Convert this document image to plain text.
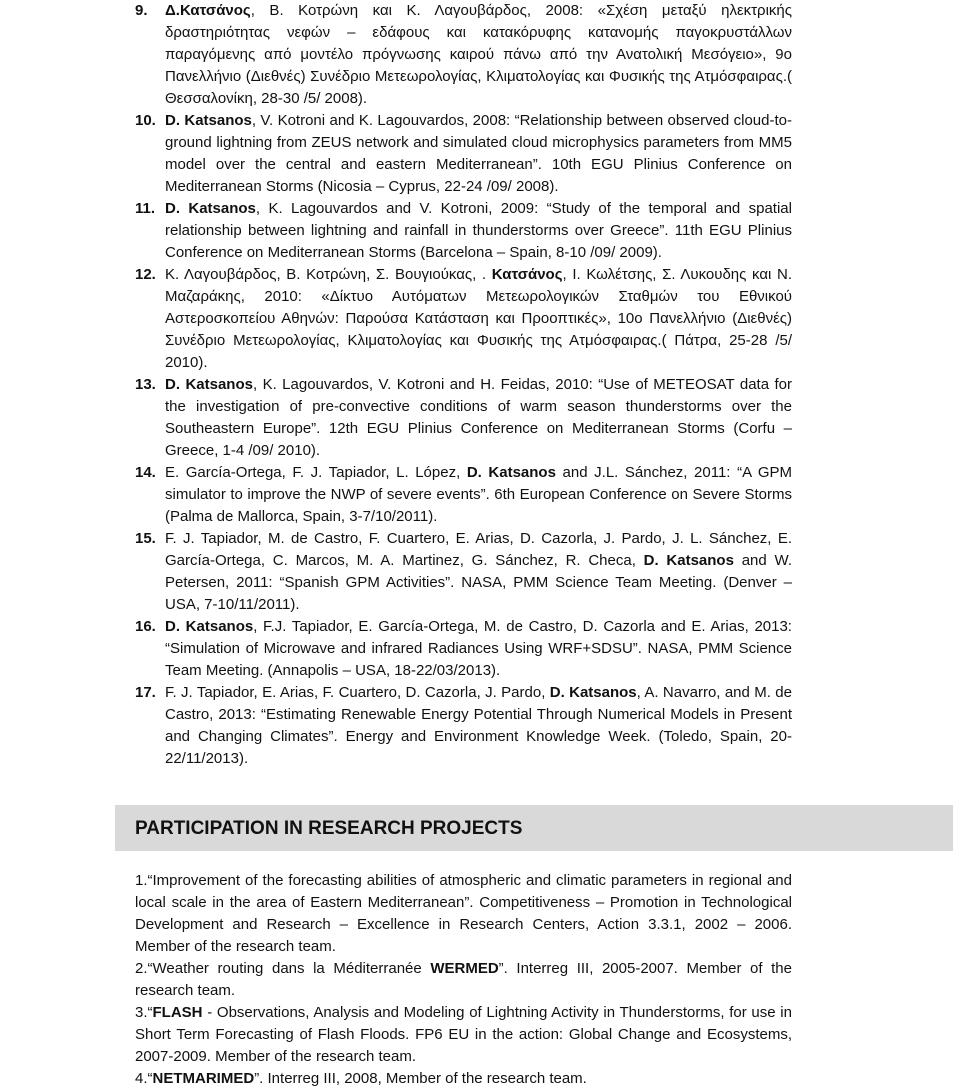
9. Δ.Κατσάνος, Β. Κοτρώνη και Κ. Λαγουβάρδος, 2008: «Σχέση μεταξύ ηλεκτρικής δραστηριότητας νεφών – εδάφους και κατακόρυφης κατανομής παγοκρυστάλλων παραγόμενης από μοντέλο πρόγνωσης καιρού πάνω από την Ανατολική Μεσόγειο», 9ο Πανελλήνιο (Διεθνές) Συνέδριο Μετεωρολογίας, Κλιματολογίας και Φυσικής της Ατμόσφαιρας.( Θεσσαλονίκη, 28-30 /5/ 2008).
10. D. Katsanos, V. Kotroni and K. Lagouvardos, 2008: “Relationship between observed cloud-to-ground lightning from ZEUS network and simulated cloud microphysics parameters from MM5 model over the central and eastern Mediterranean”. 10th EGU Plinius Conference on Mediterranean Storms (Nicosia – Cyprus, 22-24 /09/ 2008).
11. D. Katsanos, K. Lagouvardos and V. Kotroni, 2009: “Study of the temporal and spatial relationship between lightning and rainfall in thunderstorms over Greece”. 11th EGU Plinius Conference on Mediterranean Storms (Barcelona – Spain, 8-10 /09/ 2009).
12. Κ. Λαγουβάρδος, Β. Κοτρώνη, Σ. Βουγιούκας, . Κατσάνος, Ι. Κωλέτσης, Σ. Λυκουδης και Ν. Μαζαράκης, 2010: «Δίκτυο Αυτόματων Μετεωρολογικών Σταθμών του Εθνικού Αστεροσκοπείου Αθηνών: Παρούσα Κατάσταση και Προοπτικές», 10ο Πανελλήνιο (Διεθνές) Συνέδριο Μετεωρολογίας, Κλιματολογίας και Φυσικής της Ατμόσφαιρας.( Πάτρα, 25-28 /5/ 2010).
13. D. Katsanos, K. Lagouvardos, V. Kotroni and H. Feidas, 2010: “Use of METEOSAT data for the investigation of pre-convective conditions of warm season thunderstorms over the Southeastern Europe”. 12th EGU Plinius Conference on Mediterranean Storms (Corfu – Greece, 1-4 /09/ 2010).
14. E. García-Ortega, F. J. Tapiador, L. López, D. Katsanos and J.L. Sánchez, 2011: “A GPM simulator to improve the NWP of severe events”. 6th European Conference on Severe Storms (Palma de Mallorca, Spain, 3-7/10/2011).
15. F. J. Tapiador, M. de Castro, F. Cuartero, E. Arias, D. Cazorla, J. Pardo, J. L. Sánchez, E. García-Ortega, C. Marcos, M. A. Martinez, G. Sánchez, R. Checa, D. Katsanos and W. Petersen, 2011: “Spanish GPM Activities”. NASA, PMM Science Team Meeting. (Denver – USA, 7-10/11/2011).
16. D. Katsanos, F.J. Tapiador, E. García-Ortega, M. de Castro, D. Cazorla and E. Arias, 2013: “Simulation of Microwave and infrared Radiances Using WRF+SDSU”. NASA, PMM Science Team Meeting. (Annapolis – USA, 18-22/03/2013).
17. F. J. Tapiador, E. Arias, F. Cuartero, D. Cazorla, J. Pardo, D. Katsanos, A. Navarro, and M. de Castro, 2013: “Estimating Renewable Energy Potential Through Numerical Models in Present and Changing Climates”. Energy and Environment Knowledge Week. (Toledo, Spain, 20-22/11/2013).
PARTICIPATION IN RESEARCH PROJECTS
1.“Improvement of the forecasting abilities of atmospheric and climatic parameters in regional and local scale in the area of Eastern Mediterranean”. Competitiveness – Promotion in Technological Development and Research – Excellence in Research Centers, Action 3.3.1, 2002 – 2006. Member of the research team.
2.“Weather routing dans la Méditerranée WERMED”. Interreg III, 2005-2007. Member of the research team.
3.“FLASH - Observations, Analysis and Modeling of Lightning Activity in Thunderstorms, for use in Short Term Forecasting of Flash Floods. FP6 EU in the action: Global Change and Ecosystems, 2007-2009. Member of the research team.
4.“NETMARIMED”. Interreg III, 2008, Member of the research team.
